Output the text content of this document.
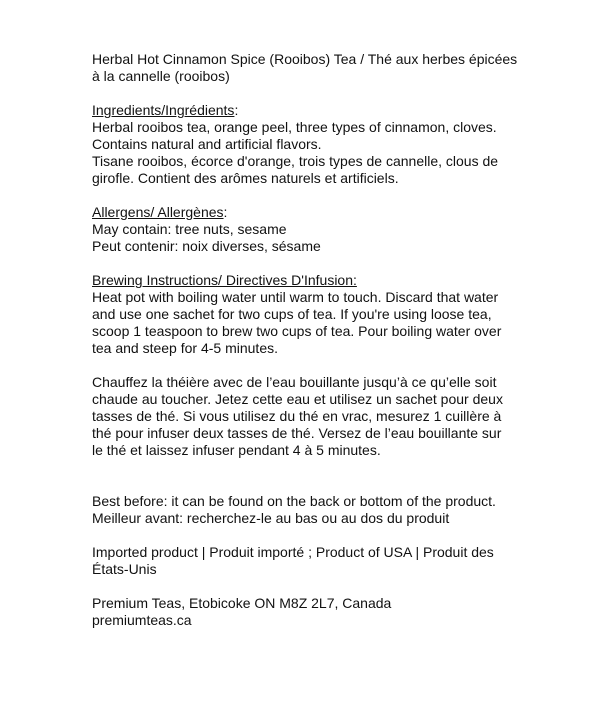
Herbal Hot Cinnamon Spice (Rooibos) Tea / Thé aux herbes épicées
à la cannelle (rooibos)

Ingredients/Ingrédients:
Herbal rooibos tea, orange peel, three types of cinnamon, cloves.
Contains natural and artificial flavors.
Tisane rooibos, écorce d'orange, trois types de cannelle, clous de
girofle. Contient des arômes naturels et artificiels.
Allergens/ Allergènes:
May contain: tree nuts, sesame
Peut contenir: noix diverses, sésame
Brewing Instructions/ Directives D'Infusion:
Heat pot with boiling water until warm to touch. Discard that water
and use one sachet for two cups of tea. If you're using loose tea,
scoop 1 teaspoon to brew two cups of tea. Pour boiling water over
tea and steep for 4-5 minutes.
Chauffez la théière avec de l’eau bouillante jusqu’à ce qu’elle soit
chaude au toucher. Jetez cette eau et utilisez un sachet pour deux
tasses de thé. Si vous utilisez du thé en vrac, mesurez 1 cuillère à
thé pour infuser deux tasses de thé. Versez de l’eau bouillante sur
le thé et laissez infuser pendant 4 à 5 minutes.
Best before: it can be found on the back or bottom of the product.
Meilleur avant: recherchez-le au bas ou au dos du produit
Imported product | Produit importé ; Product of USA | Produit des
États-Unis
Premium Teas, Etobicoke ON M8Z 2L7, Canada
premiumteas.ca
